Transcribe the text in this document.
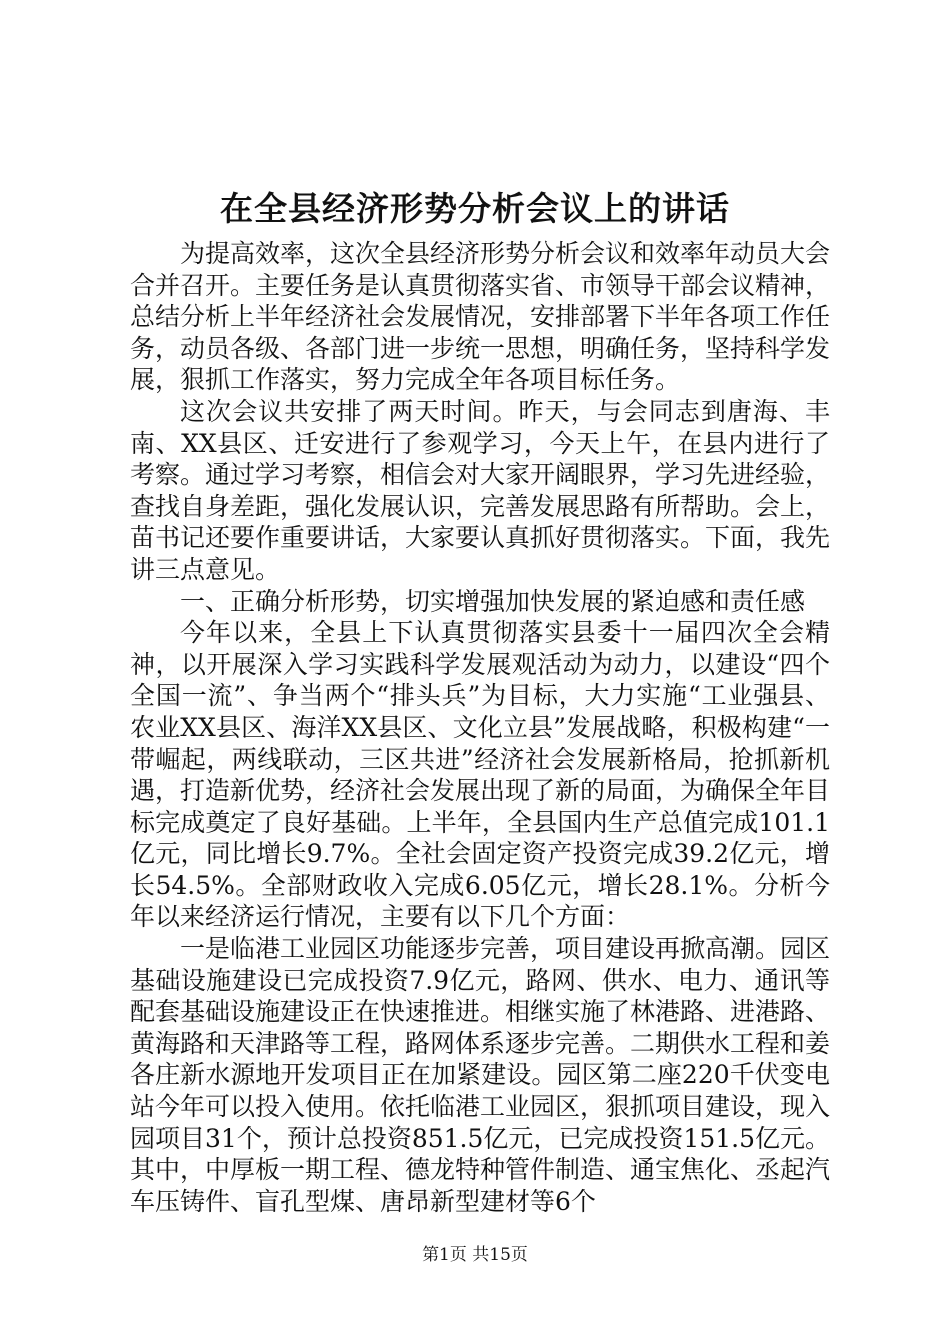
在全县经济形势分析会议上的讲话

为提高效率，这次全县经济形势分析会议和效率年动员大会合并召开。主要任务是认真贯彻落实省、市领导干部会议精神，总结分析上半年经济社会发展情况，安排部署下半年各项工作任务，动员各级、各部门进一步统一思想，明确任务，坚持科学发展，狠抓工作落实，努力完成全年各项目标任务。

这次会议共安排了两天时间。昨天，与会同志到唐海、丰南、XX县区、迁安进行了参观学习，今天上午，在县内进行了考察。通过学习考察，相信会对大家开阔眼界，学习先进经验，查找自身差距，强化发展认识，完善发展思路有所帮助。会上，苗书记还要作重要讲话，大家要认真抓好贯彻落实。下面，我先讲三点意见。

一、正确分析形势，切实增强加快发展的紧迫感和责任感

今年以来，全县上下认真贯彻落实县委十一届四次全会精神，以开展深入学习实践科学发展观活动为动力，以建设“四个全国一流”、争当两个“排头兵”为目标，大力实施“工业强县、农业XX县区、海洋XX县区、文化立县”发展战略，积极构建“一带崛起，两线联动，三区共进”经济社会发展新格局，抢抓新机遇，打造新优势，经济社会发展出现了新的局面，为确保全年目标完成奠定了良好基础。上半年，全县国内生产总值完成101.1亿元，同比增长9.7%。全社会固定资产投资完成39.2亿元，增长54.5%。全部财政收入完成6.05亿元，增长28.1%。分析今年以来经济运行情况，主要有以下几个方面：

一是临港工业园区功能逐步完善，项目建设再掀高潮。园区基础设施建设已完成投资7.9亿元，路网、供水、电力、通讯等配套基础设施建设正在快速推进。相继实施了林港路、进港路、黄海路和天津路等工程，路网体系逐步完善。二期供水工程和姜各庄新水源地开发项目正在加紧建设。园区第二座220千伏变电站今年可以投入使用。依托临港工业园区，狠抓项目建设，现入园项目31个，预计总投资851.5亿元，已完成投资151.5亿元。其中，中厚板一期工程、德龙特种管件制造、通宝焦化、丞起汽车压铸件、盲孔型煤、唐昂新型建材等6个

第1页 共15页
